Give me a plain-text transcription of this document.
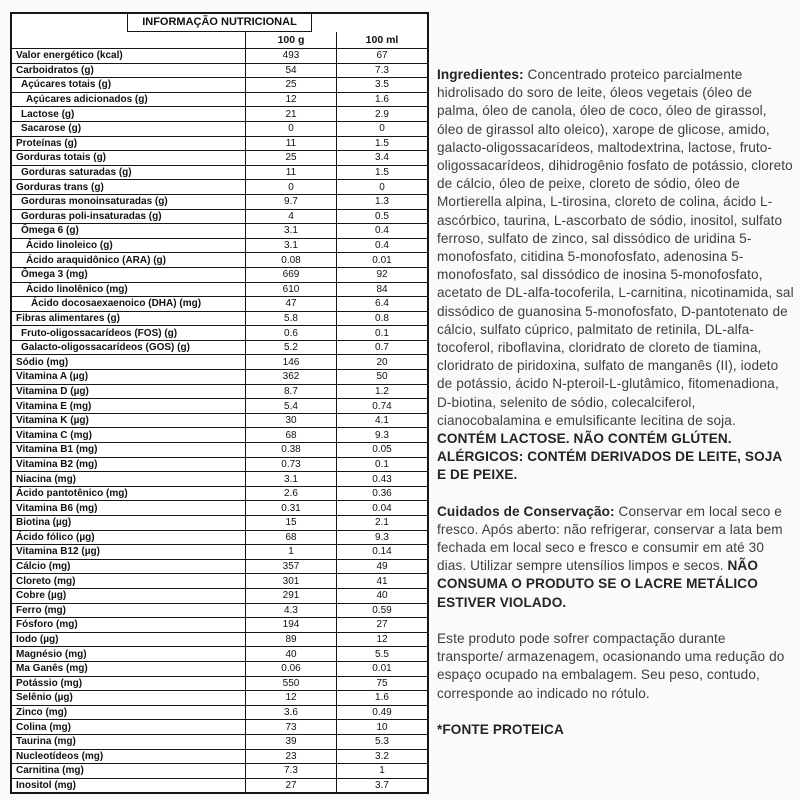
INFORMAÇÃO NUTRICIONAL
100 g	100 ml
Valor energético (kcal)	493	67
Carboidratos (g)	54	7.3
Açúcares totais (g)	25	3.5
Açúcares adicionados (g)	12	1.6
Lactose (g)	21	2.9
Sacarose (g)	0	0
Proteínas (g)	11	1.5
Gorduras totais (g)	25	3.4
Gorduras saturadas (g)	11	1.5
Gorduras trans (g)	0	0
Gorduras monoinsaturadas (g)	9.7	1.3
Gorduras poli-insaturadas (g)	4	0.5
Ômega 6 (g)	3.1	0.4
Ácido linoleico (g)	3.1	0.4
Ácido araquidônico (ARA) (g)	0.08	0.01
Ômega 3 (mg)	669	92
Ácido linolênico (mg)	610	84
Ácido docosaexaenoico (DHA) (mg)	47	6.4
Fibras alimentares (g)	5.8	0.8
Fruto-oligossacarídeos (FOS) (g)	0.6	0.1
Galacto-oligossacarídeos (GOS) (g)	5.2	0.7
Sódio (mg)	146	20
Vitamina A (µg)	362	50
Vitamina D (µg)	8.7	1.2
Vitamina E (mg)	5.4	0.74
Vitamina K (µg)	30	4.1
Vitamina C (mg)	68	9.3
Vitamina B1 (mg)	0.38	0.05
Vitamina B2 (mg)	0.73	0.1
Niacina (mg)	3.1	0.43
Ácido pantotênico (mg)	2.6	0.36
Vitamina B6 (mg)	0.31	0.04
Biotina (µg)	15	2.1
Ácido fólico (µg)	68	9.3
Vitamina B12 (µg)	1	0.14
Cálcio (mg)	357	49
Cloreto (mg)	301	41
Cobre (µg)	291	40
Ferro (mg)	4.3	0.59
Fósforo (mg)	194	27
Iodo (µg)	89	12
Magnésio (mg)	40	5.5
Ma Ganês (mg)	0.06	0.01
Potássio (mg)	550	75
Selênio (µg)	12	1.6
Zinco (mg)	3.6	0.49
Colina (mg)	73	10
Taurina (mg)	39	5.3
Nucleotídeos (mg)	23	3.2
Carnitina (mg)	7.3	1
Inositol (mg)	27	3.7
Ingredientes: Concentrado proteico parcialmente hidrolisado do soro de leite, óleos vegetais (óleo de palma, óleo de canola, óleo de coco, óleo de girassol, óleo de girassol alto oleico), xarope de glicose, amido, galacto-oligossacarídeos, maltodextrina, lactose, fruto-oligossacarídeos, dihidrogênio fosfato de potássio, cloreto de cálcio, óleo de peixe, cloreto de sódio, óleo de Mortierella alpina, L-tirosina, cloreto de colina, ácido L-ascórbico, taurina, L-ascorbato de sódio, inositol, sulfato ferroso, sulfato de zinco, sal dissódico de uridina 5-monofosfato, citidina 5-monofosfato, adenosina 5-monofosfato, sal dissódico de inosina 5-monofosfato, acetato de DL-alfa-tocoferila, L-carnitina, nicotinamida, sal dissódico de guanosina 5-monofosfato, D-pantotenato de cálcio, sulfato cúprico, palmitato de retinila, DL-alfa-tocoferol, riboflavina, cloridrato de cloreto de tiamina, cloridrato de piridoxina, sulfato de manganês (II), iodeto de potássio, ácido N-pteroil-L-glutâmico, fitomenadiona, D-biotina, selenito de sódio, colecalciferol, cianocobalamina e emulsificante lecitina de soja. CONTÉM LACTOSE. NÃO CONTÉM GLÚTEN. ALÉRGICOS: CONTÉM DERIVADOS DE LEITE, SOJA E DE PEIXE.
Cuidados de Conservação: Conservar em local seco e fresco. Após aberto: não refrigerar, conservar a lata bem fechada em local seco e fresco e consumir em até 30 dias. Utilizar sempre utensílios limpos e secos. NÃO CONSUMA O PRODUTO SE O LACRE METÁLICO ESTIVER VIOLADO.
Este produto pode sofrer compactação durante transporte/ armazenagem, ocasionando uma redução do espaço ocupado na embalagem. Seu peso, contudo, corresponde ao indicado no rótulo.
*FONTE PROTEICA
